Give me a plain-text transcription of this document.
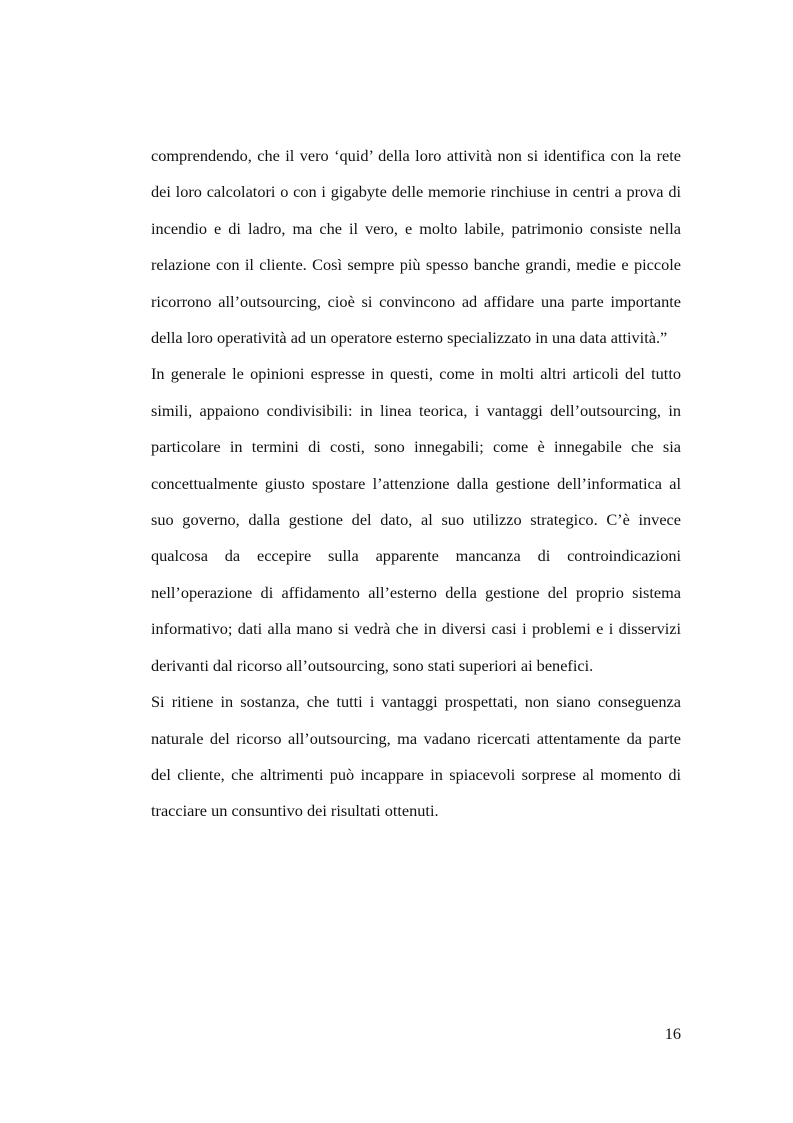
comprendendo, che il vero ‘quid’ della loro attività non si identifica con la rete dei loro calcolatori o con i gigabyte delle memorie rinchiuse in centri a prova di incendio e di ladro, ma che il vero, e molto labile, patrimonio consiste nella relazione con il cliente. Così sempre più spesso banche grandi, medie e piccole ricorrono all’outsourcing, cioè si convincono ad affidare una parte importante della loro operatività ad un operatore esterno specializzato in una data attività.”

In generale le opinioni espresse in questi, come in molti altri articoli del tutto simili, appaiono condivisibili: in linea teorica, i vantaggi dell’outsourcing, in particolare in termini di costi, sono innegabili; come è innegabile che sia concettualmente giusto spostare l’attenzione dalla gestione dell’informatica al suo governo, dalla gestione del dato, al suo utilizzo strategico. C’è invece qualcosa da eccepire sulla apparente mancanza di controindicazioni nell’operazione di affidamento all’esterno della gestione del proprio sistema informativo; dati alla mano si vedrà che in diversi casi i problemi e i disservizi derivanti dal ricorso all’outsourcing, sono stati superiori ai benefici.

Si ritiene in sostanza, che tutti i vantaggi prospettati, non siano conseguenza naturale del ricorso all’outsourcing, ma vadano ricercati attentamente da parte del cliente, che altrimenti può incappare in spiacevoli sorprese al momento di tracciare un consuntivo dei risultati ottenuti.

16
